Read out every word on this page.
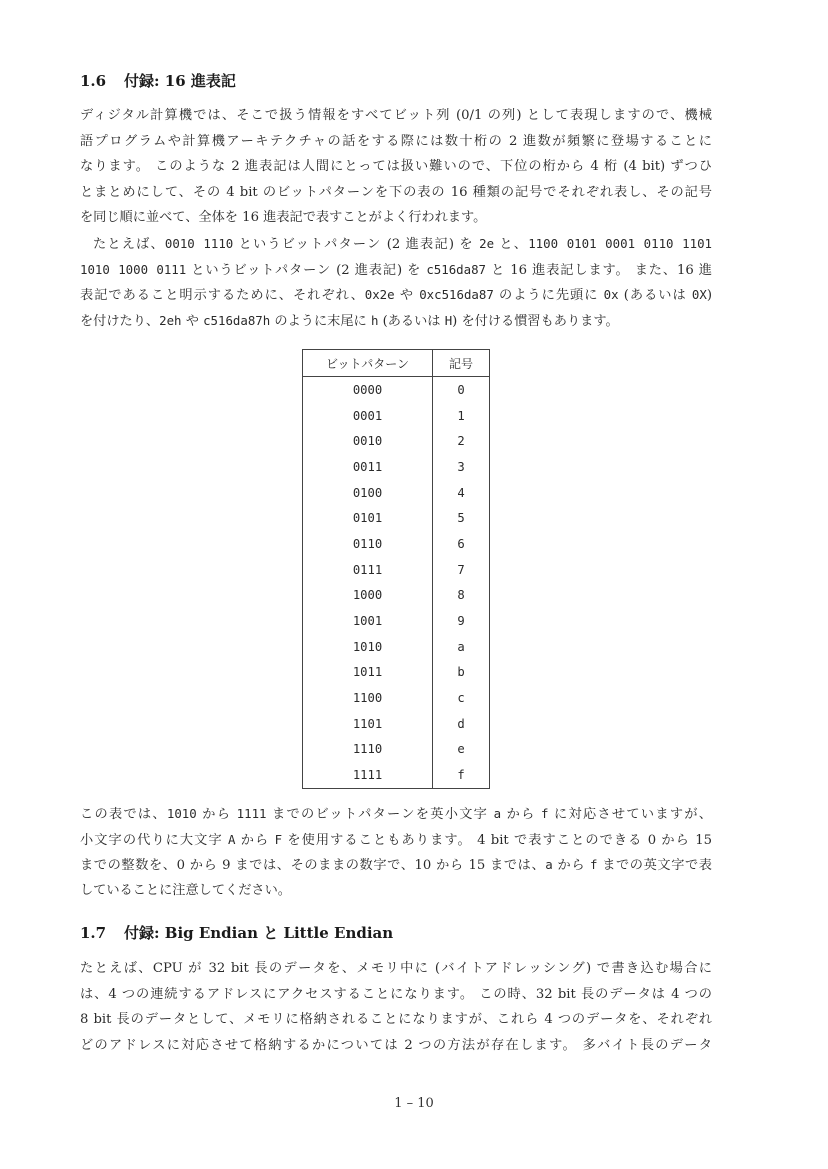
1.6 付録: 16 進表記
ディジタル計算機では、そこで扱う情報をすべてビット列 (0/1 の列) として表現しますので、機械
語プログラムや計算機アーキテクチャの話をする際には数十桁の 2 進数が頻繁に登場することに
なります。 このような 2 進表記は人間にとっては扱い難いので、下位の桁から 4 桁 (4 bit) ずつひ
とまとめにして、その 4 bit のビットパターンを下の表の 16 種類の記号でそれぞれ表し、その記号
を同じ順に並べて、全体を 16 進表記で表すことがよく行われます。
たとえば、0010 1110 というビットパターン (2 進表記) を 2e と、1100 0101 0001 0110 1101
1010 1000 0111 というビットパターン (2 進表記) を c516da87 と 16 進表記します。 また、16 進
表記であること明示するために、それぞれ、0x2e や 0xc516da87 のように先頭に 0x (あるいは 0X)
を付けたり、2eh や c516da87h のように末尾に h (あるいは H) を付ける慣習もあります。
ビットパターン	記号
0000	0
0001	1
0010	2
0011	3
0100	4
0101	5
0110	6
0111	7
1000	8
1001	9
1010	a
1011	b
1100	c
1101	d
1110	e
1111	f
この表では、1010 から 1111 までのビットパターンを英小文字 a から f に対応させていますが、
小文字の代りに大文字 A から F を使用することもあります。 4 bit で表すことのできる 0 から 15
までの整数を、0 から 9 までは、そのままの数字で、10 から 15 までは、a から f までの英文字で表
していることに注意してください。
1.7 付録: Big Endian と Little Endian
たとえば、CPU が 32 bit 長のデータを、メモリ中に (バイトアドレッシング) で書き込む場合に
は、4 つの連続するアドレスにアクセスすることになります。 この時、32 bit 長のデータは 4 つの
8 bit 長のデータとして、メモリに格納されることになりますが、これら 4 つのデータを、それぞれ
どのアドレスに対応させて格納するかについては 2 つの方法が存在します。 多バイト長のデータ
1 – 10
